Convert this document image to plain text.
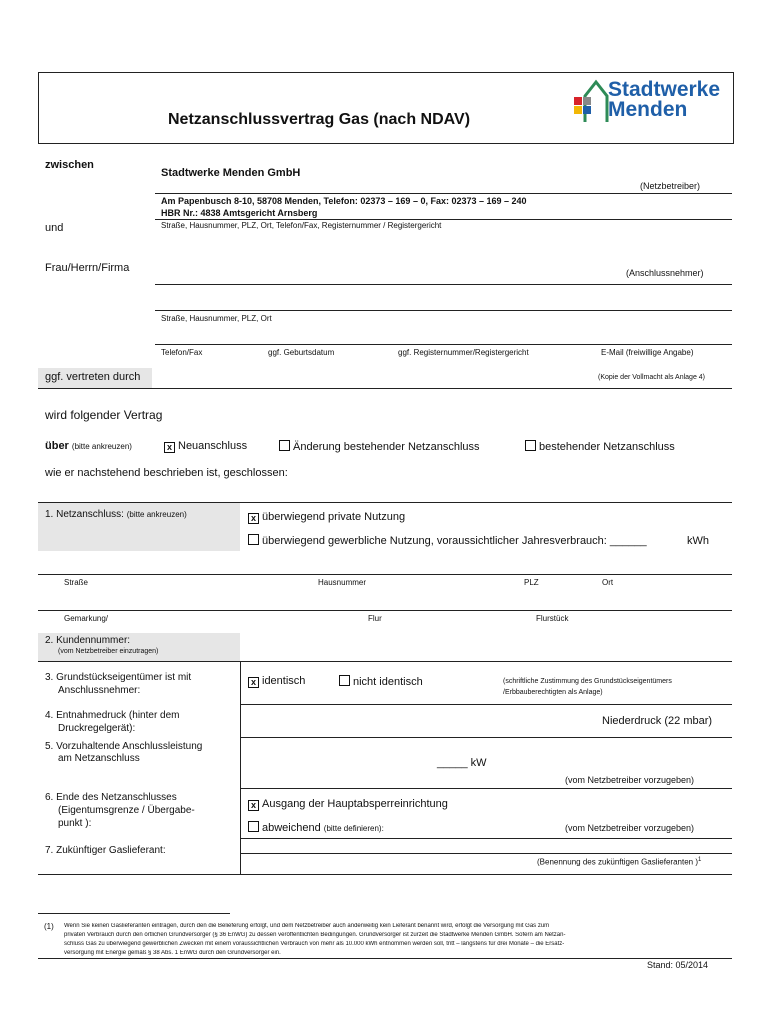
Netzanschlussvertrag Gas (nach NDAV)
Stadtwerke
Menden
zwischen
Stadtwerke Menden GmbH
(Netzbetreiber)
Am Papenbusch 8-10, 58708 Menden, Telefon: 02373 – 169 – 0, Fax: 02373 – 169 – 240
HBR Nr.: 4838 Amtsgericht Arnsberg
Straße, Hausnummer, PLZ, Ort, Telefon/Fax, Registernummer / Registergericht
und
Frau/Herrn/Firma	(Anschlussnehmer)
Straße, Hausnummer, PLZ, Ort
Telefon/Fax	ggf. Geburtsdatum	ggf. Registernummer/Registergericht	E-Mail (freiwillige Angabe)
ggf. vertreten durch	(Kopie der Vollmacht als Anlage 4)
wird folgender Vertrag
über (bitte ankreuzen)	x Neuanschluss	Änderung bestehender Netzanschluss	bestehender Netzanschluss
wie er nachstehend beschrieben ist, geschlossen:
1. Netzanschluss: (bitte ankreuzen)	x überwiegend private Nutzung
überwiegend gewerbliche Nutzung, voraussichtlicher Jahresverbrauch: ______	kWh
Straße	Hausnummer	PLZ	Ort
Gemarkung/	Flur	Flurstück
2. Kundennummer:
(vom Netzbetreiber einzutragen)
3. Grundstückseigentümer ist mit
Anschlussnehmer:
x identisch	nicht identisch	(schriftliche Zustimmung des Grundstückseigentümers
/Erbbauberechtigten als Anlage)
4. Entnahmedruck (hinter dem
Druckregelgerät):
Niederdruck (22 mbar)
5. Vorzuhaltende Anschlussleistung
am Netzanschluss	_____ kW
(vom Netzbetreiber vorzugeben)
6. Ende des Netzanschlusses
(Eigentumsgrenze / Übergabe-
punkt ):
x Ausgang der Hauptabsperreinrichtung
abweichend (bitte definieren):	(vom Netzbetreiber vorzugeben)
7. Zukünftiger Gaslieferant:
(Benennung des zukünftigen Gaslieferanten )$^1$
(1) Wenn Sie keinen Gaslieferanten eintragen, durch den die Belieferung erfolgt, und dem Netzbetreiber auch anderweitig kein Lieferant benannt wird, erfolgt die Versorgung mit Gas zum
privaten Verbrauch durch den örtlichen Grundversorger (§ 36 EnWG) zu dessen veröffentlichten Bedingungen. Grundversorger ist zurzeit die Stadtwerke Menden GmbH. Sofern am Netzan-
schluss Gas zu überwiegend gewerblichen Zwecken mit einem voraussichtlichen Verbrauch von mehr als 10.000 kWh entnommen werden soll, tritt – längstens für drei Monate – die Ersatz-
versorgung mit Energie gemäß § 38 Abs. 1 EnWG durch den Grundversorger ein.
Stand: 05/2014
